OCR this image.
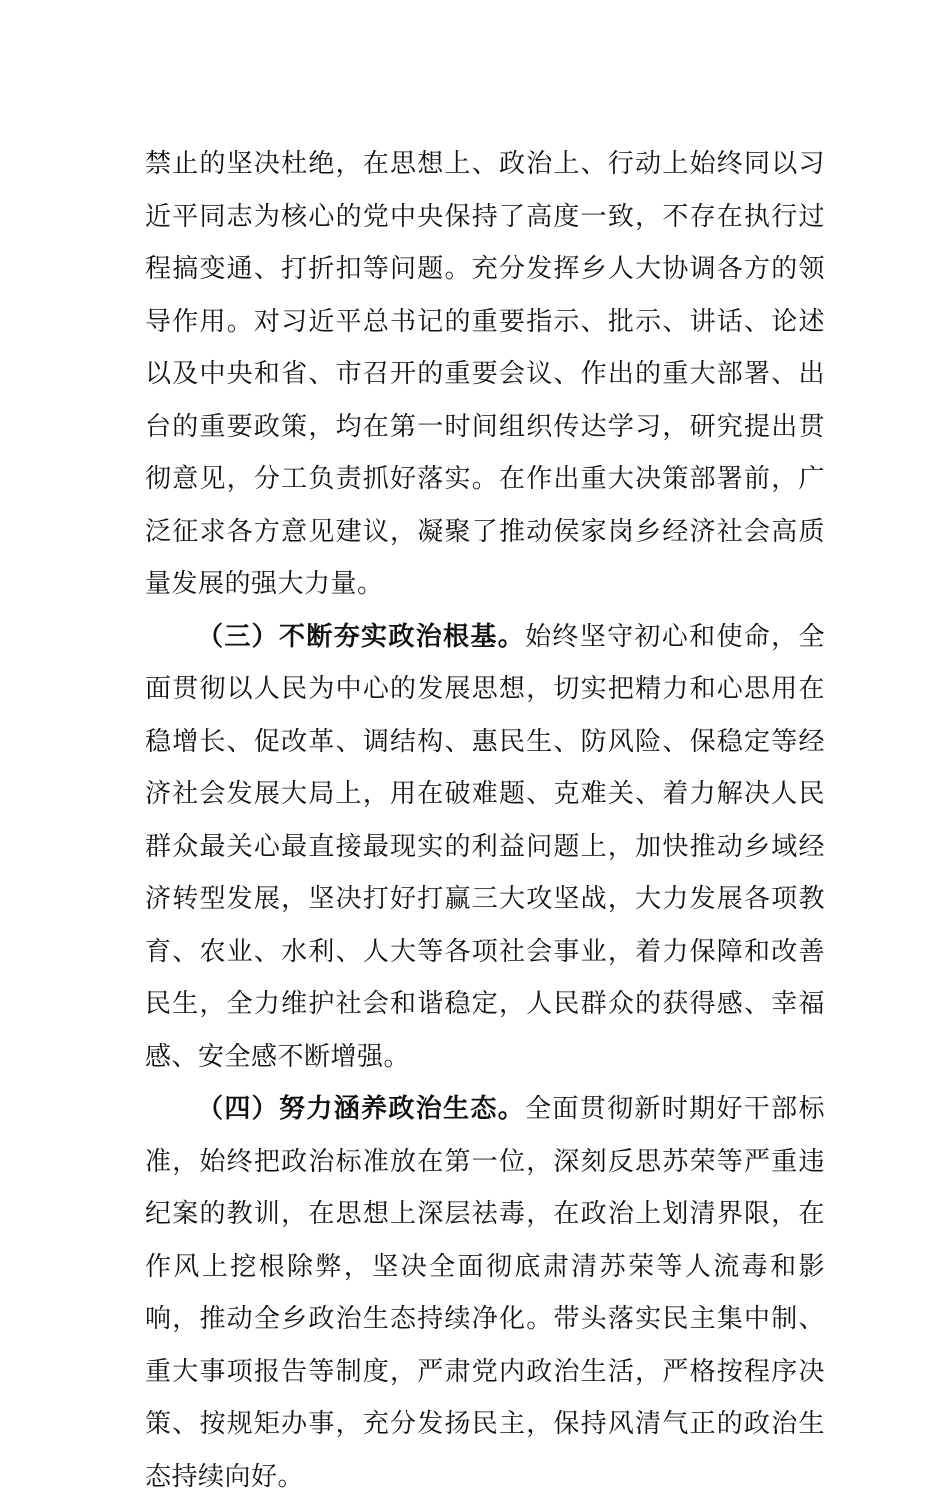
禁止的坚决杜绝，在思想上、政治上、行动上始终同以习近平同志为核心的党中央保持了高度一致，不存在执行过程搞变通、打折扣等问题。充分发挥乡人大协调各方的领导作用。对习近平总书记的重要指示、批示、讲话、论述以及中央和省、市召开的重要会议、作出的重大部署、出台的重要政策，均在第一时间组织传达学习，研究提出贯彻意见，分工负责抓好落实。在作出重大决策部署前，广泛征求各方意见建议，凝聚了推动侯家岗乡经济社会高质量发展的强大力量。

（三）不断夯实政治根基。始终坚守初心和使命，全面贯彻以人民为中心的发展思想，切实把精力和心思用在稳增长、促改革、调结构、惠民生、防风险、保稳定等经济社会发展大局上，用在破难题、克难关、着力解决人民群众最关心最直接最现实的利益问题上，加快推动乡域经济转型发展，坚决打好打赢三大攻坚战，大力发展各项教育、农业、水利、人大等各项社会事业，着力保障和改善民生，全力维护社会和谐稳定，人民群众的获得感、幸福感、安全感不断增强。

（四）努力涵养政治生态。全面贯彻新时期好干部标准，始终把政治标准放在第一位，深刻反思苏荣等严重违纪案的教训，在思想上深层祛毒，在政治上划清界限，在作风上挖根除弊，坚决全面彻底肃清苏荣等人流毒和影响，推动全乡政治生态持续净化。带头落实民主集中制、重大事项报告等制度，严肃党内政治生活，严格按程序决策、按规矩办事，充分发扬民主，保持风清气正的政治生态持续向好。
